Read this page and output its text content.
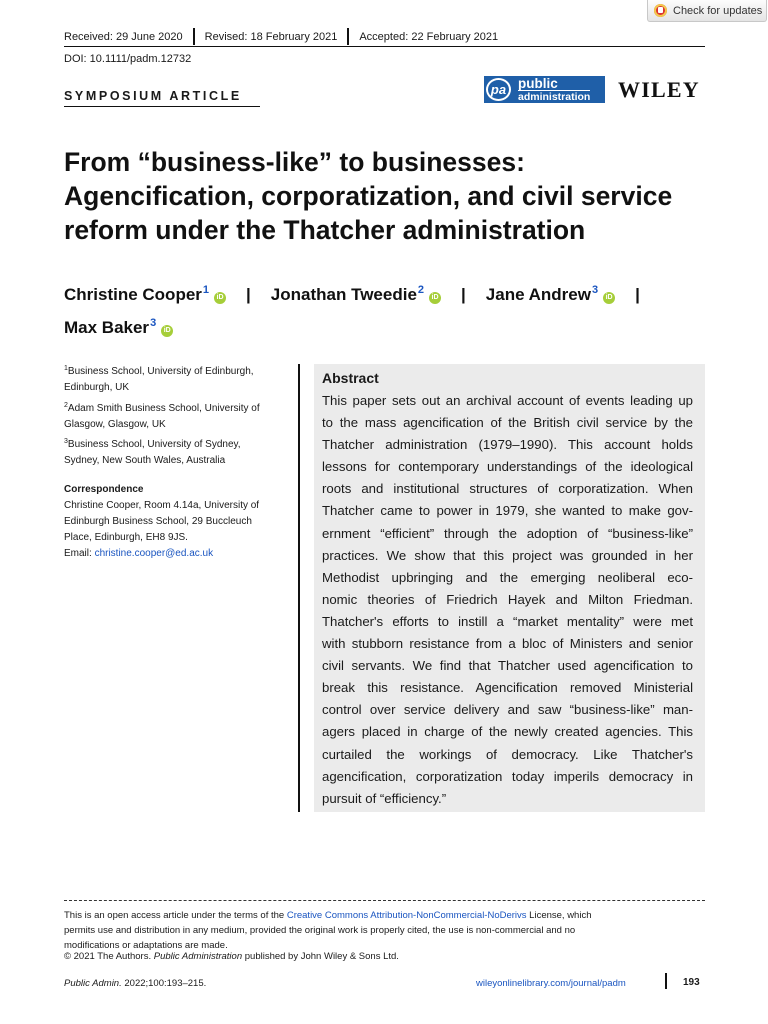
Check for updates
Received: 29 June 2020 Revised: 18 February 2021 Accepted: 22 February 2021
DOI: 10.1111/padm.12732
SYMPOSIUM ARTICLE	pa public
administration WILEY
From “business-like” to businesses:
Agencification, corporatization, and civil service
reform under the Thatcher administration
Christine Cooper$^1$iD | Jonathan Tweedie$^2$iD | Jane Andrew$^3$iD |
Max Baker$^3$iD
$^1$Business School, University of Edinburgh,
Edinburgh, UK
$^2$Adam Smith Business School, University of
Glasgow, Glasgow, UK
$^3$Business School, University of Sydney,
Sydney, New South Wales, Australia
Correspondence
Christine Cooper, Room 4.14a, University of
Edinburgh Business School, 29 Buccleuch
Place, Edinburgh, EH8 9JS.
Email: christine.cooper@ed.ac.uk
Abstract
This paper sets out an archival account of events leading up
to the mass agencification of the British civil service by the
Thatcher administration (1979–1990). This account holds
lessons for contemporary understandings of the ideological
roots and institutional structures of corporatization. When
Thatcher came to power in 1979, she wanted to make gov-
ernment “efficient” through the adoption of “business-like”
practices. We show that this project was grounded in her
Methodist upbringing and the emerging neoliberal eco-
nomic theories of Friedrich Hayek and Milton Friedman.
Thatcher's efforts to instill a “market mentality” were met
with stubborn resistance from a bloc of Ministers and senior
civil servants. We find that Thatcher used agencification to
break this resistance. Agencification removed Ministerial
control over service delivery and saw “business-like” man-
agers placed in charge of the newly created agencies. This
curtailed the workings of democracy. Like Thatcher's
agencification, corporatization today imperils democracy in
pursuit of “efficiency.”
This is an open access article under the terms of the Creative Commons Attribution-NonCommercial-NoDerivs License, which
permits use and distribution in any medium, provided the original work is properly cited, the use is non-commercial and no
modifications or adaptations are made.
© 2021 The Authors. Public Administration published by John Wiley & Sons Ltd.
Public Admin. 2022;100:193–215.	wileyonlinelibrary.com/journal/padm	193
